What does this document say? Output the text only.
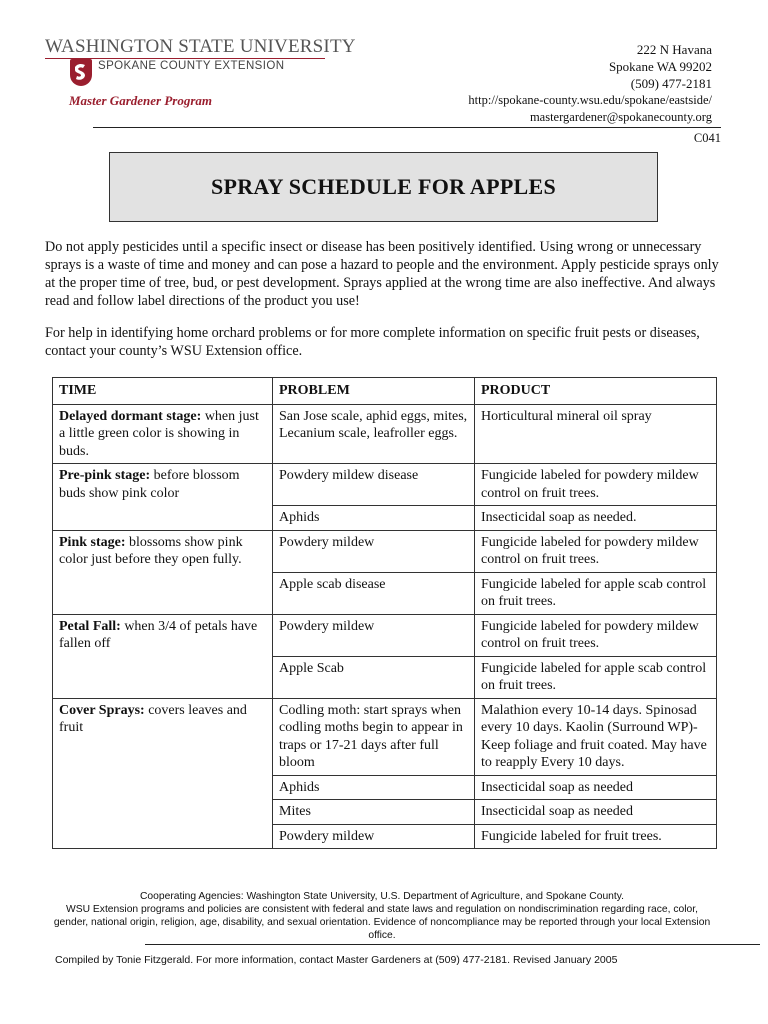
WASHINGTON STATE UNIVERSITY
SPOKANE COUNTY EXTENSION
Master Gardener Program
222 N Havana
Spokane WA 99202
(509) 477-2181
http://spokane-county.wsu.edu/spokane/eastside/
mastergardener@spokanecounty.org
C041
SPRAY SCHEDULE FOR APPLES

Do not apply pesticides until a specific insect or disease has been positively identified. Using wrong or unnecessary sprays is a waste of time and money and can pose a hazard to people and the environment. Apply pesticide sprays only at the proper time of tree, bud, or pest development. Sprays applied at the wrong time are also ineffective. And always read and follow label directions of the product you use!

For help in identifying home orchard problems or for more complete information on specific fruit pests or diseases, contact your county’s WSU Extension office.

TIME	PROBLEM	PRODUCT
Delayed dormant stage: when just a little green color is showing in buds.	San Jose scale, aphid eggs, mites, Lecanium scale, leafroller eggs.	Horticultural mineral oil spray
Pre-pink stage: before blossom buds show pink color	Powdery mildew disease	Fungicide labeled for powdery mildew control on fruit trees.
	Aphids	Insecticidal soap as needed.
Pink stage: blossoms show pink color just before they open fully.	Powdery mildew	Fungicide labeled for powdery mildew control on fruit trees.
	Apple scab disease	Fungicide labeled for apple scab control on fruit trees.
Petal Fall: when 3/4 of petals have fallen off	Powdery mildew	Fungicide labeled for powdery mildew control on fruit trees.
	Apple Scab	Fungicide labeled for apple scab control on fruit trees.
Cover Sprays: covers leaves and fruit	Codling moth: start sprays when codling moths begin to appear in traps or 17-21 days after full bloom	Malathion every 10-14 days. Spinosad every 10 days. Kaolin (Surround WP)-Keep foliage and fruit coated. May have to reapply Every 10 days.
	Aphids	Insecticidal soap as needed
	Mites	Insecticidal soap as needed
	Powdery mildew	Fungicide labeled for fruit trees.
Cooperating Agencies: Washington State University, U.S. Department of Agriculture, and Spokane County.
WSU Extension programs and policies are consistent with federal and state laws and regulation on nondiscrimination regarding race, color, gender, national origin, religion, age, disability, and sexual orientation. Evidence of noncompliance may be reported through your local Extension office.
Compiled by Tonie Fitzgerald. For more information, contact Master Gardeners at (509) 477-2181. Revised January 2005
